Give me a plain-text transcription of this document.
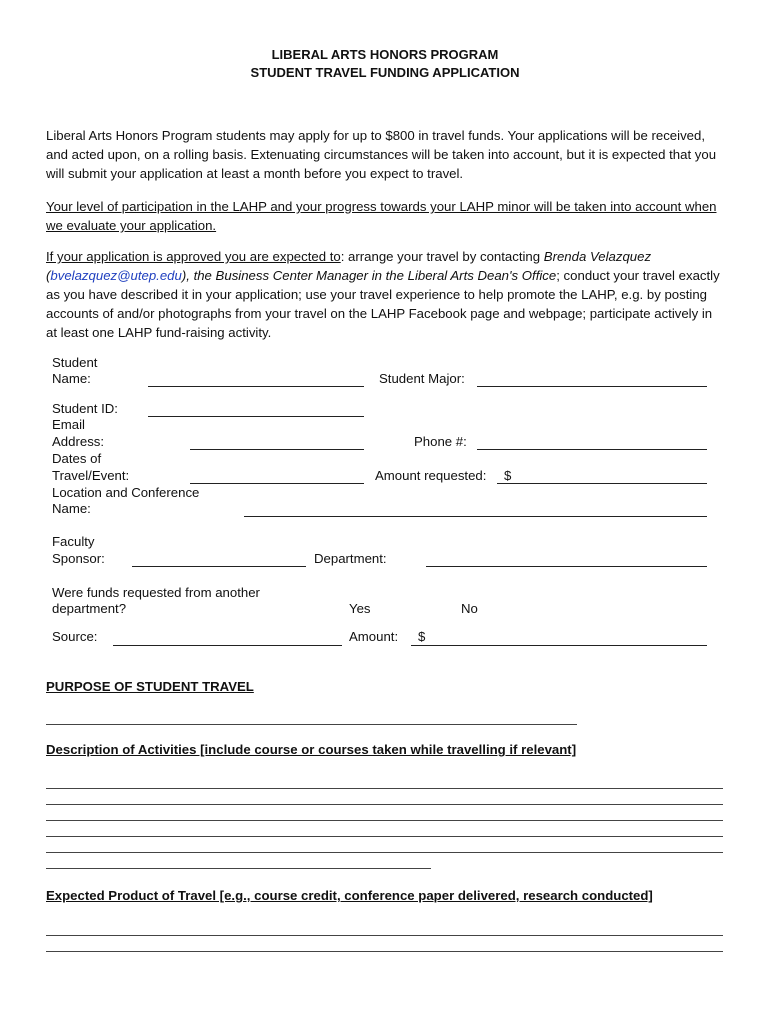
LIBERAL ARTS HONORS PROGRAM
STUDENT TRAVEL FUNDING APPLICATION
Liberal Arts Honors Program students may apply for up to $800 in travel funds. Your applications will be received, and acted upon, on a rolling basis. Extenuating circumstances will be taken into account, but it is expected that you will submit your application at least a month before you expect to travel.
Your level of participation in the LAHP and your progress towards your LAHP minor will be taken into account when we evaluate your application.
If your application is approved you are expected to: arrange your travel by contacting Brenda Velazquez
(bvelazquez@utep.edu), the Business Center Manager in the Liberal Arts Dean's Office; conduct your travel exactly as you have described it in your application; use your travel experience to help promote the LAHP, e.g. by posting accounts of and/or photographs from your travel on the LAHP Facebook page and webpage; participate actively in at least one LAHP fund-raising activity.
Student
Name:	Student Major:
Student ID:
Email
Address:	Phone #:
Dates of
Travel/Event:	Amount requested: $
Location and Conference
Name:
Faculty
Sponsor:	Department:
Were funds requested from another
department?	Yes	No
Source:	Amount: $
PURPOSE OF STUDENT TRAVEL
Description of Activities [include course or courses taken while travelling if relevant]
Expected Product of Travel [e.g., course credit, conference paper delivered, research conducted]
